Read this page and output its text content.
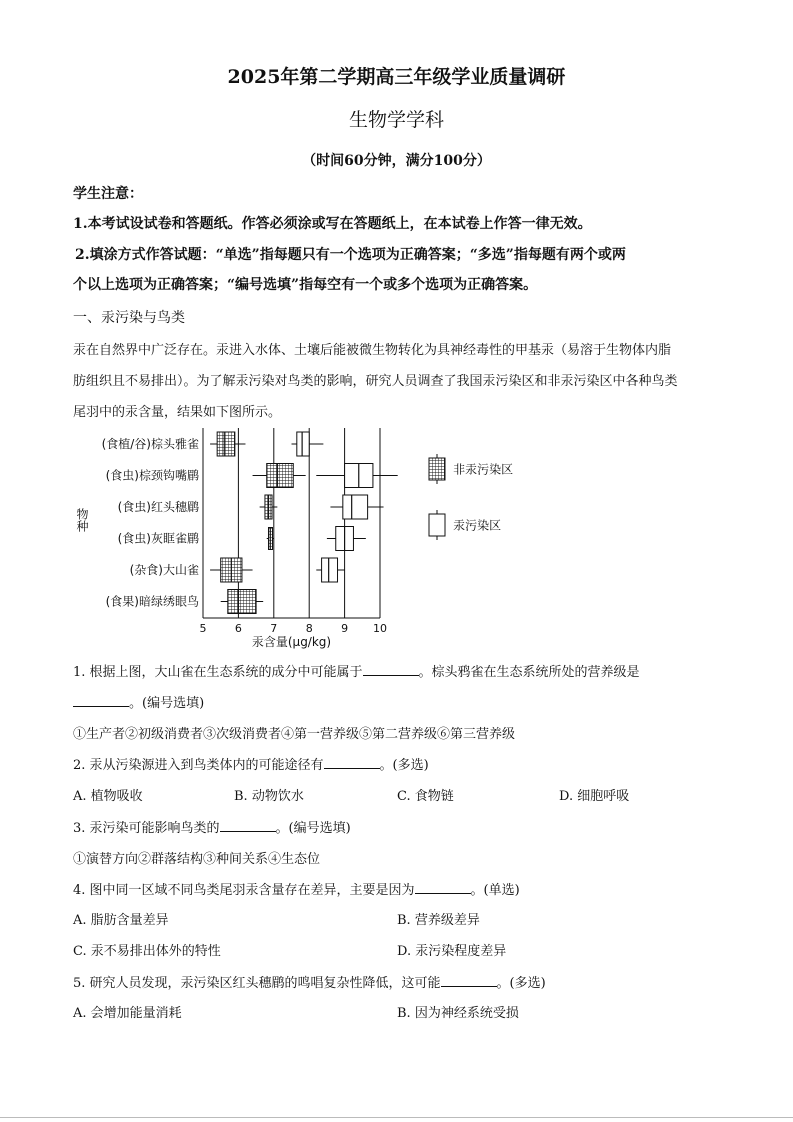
2025年第二学期高三年级学业质量调研
生物学学科
（时间60分钟，满分100分）
学生注意：
1.本考试设试卷和答题纸。作答必须涂或写在答题纸上，在本试卷上作答一律无效。
2.填涂方式作答试题：“单选”指每题只有一个选项为正确答案；“多选”指每题有两个或两
个以上选项为正确答案；“编号选填”指每空有一个或多个选项为正确答案。
一、汞污染与鸟类
汞在自然界中广泛存在。汞进入水体、土壤后能被微生物转化为具神经毒性的甲基汞（易溶于生物体内脂
肪组织且不易排出）。为了解汞污染对鸟类的影响，研究人员调查了我国汞污染区和非汞污染区中各种鸟类
尾羽中的汞含量，结果如下图所示。
5	6	7	8	9 10
汞含量(μg/kg)
物种
(食植/谷)棕头雅雀
(食虫)棕颈钩嘴鹛
(食虫)红头穗鹛
(食虫)灰眶雀鹛
(杂食)大山雀
(食果)暗绿绣眼鸟
非汞污染区
汞污染区
1. 根据上图，大山雀在生态系统的成分中可能属于	。棕头鸦雀在生态系统所处的营养级是
。(编号选填)
①生产者②初级消费者③次级消费者④第一营养级⑤第二营养级⑥第三营养级
2. 汞从污染源进入到鸟类体内的可能途径有	。(多选)
A. 植物吸收	B. 动物饮水	C. 食物链	D. 细胞呼吸
3. 汞污染可能影响鸟类的	。(编号选填)
①演替方向②群落结构③种间关系④生态位
4. 图中同一区域不同鸟类尾羽汞含量存在差异，主要是因为	。(单选)
A. 脂肪含量差异	B. 营养级差异
C. 汞不易排出体外的特性	D. 汞污染程度差异
5. 研究人员发现，汞污染区红头穗鹛的鸣唱复杂性降低，这可能	。(多选)
A. 会增加能量消耗	B. 因为神经系统受损
